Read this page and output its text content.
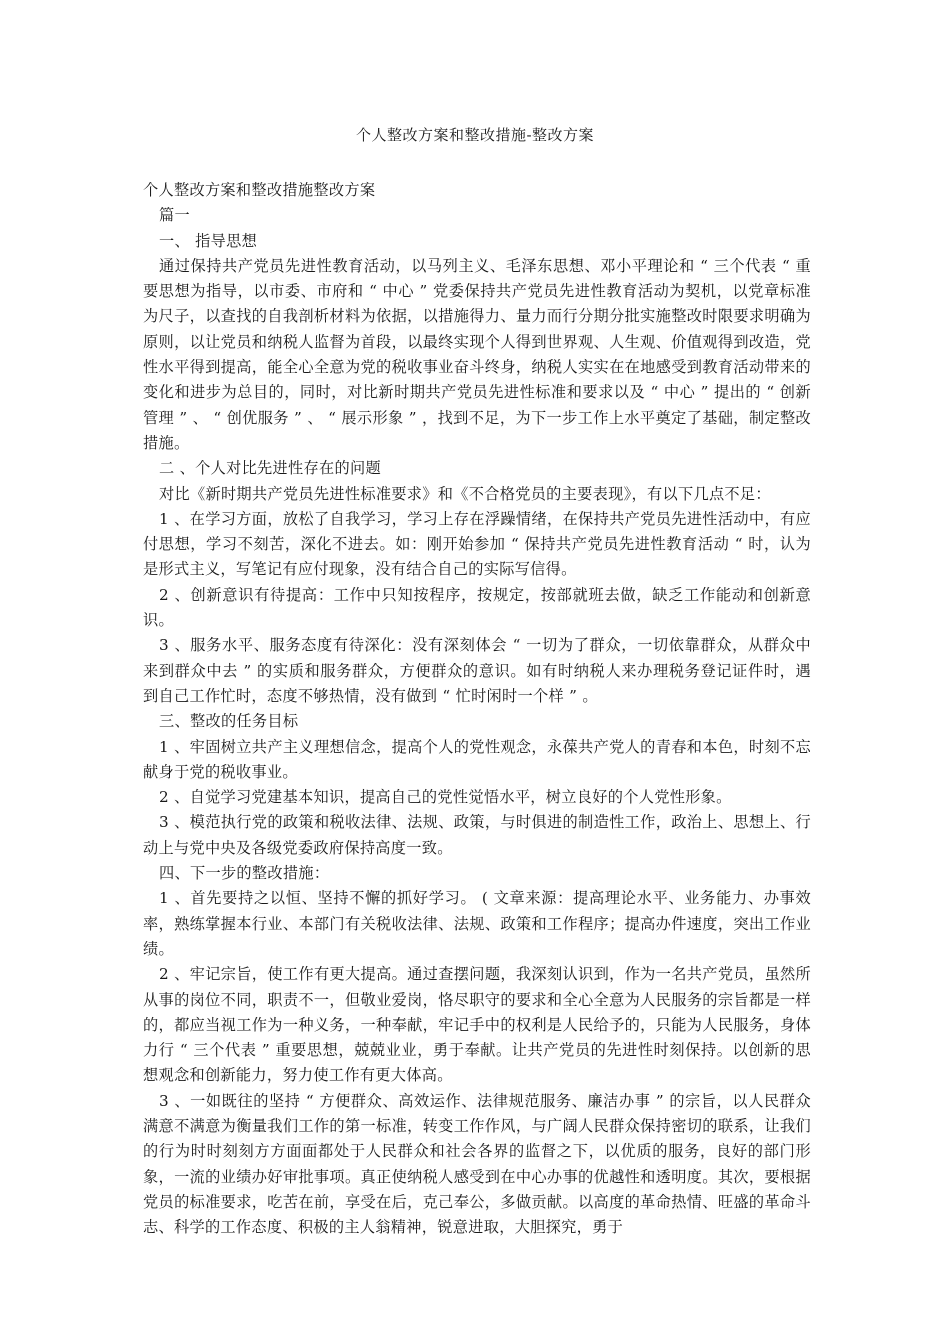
个人整改方案和整改措施-整改方案

个人整改方案和整改措施整改方案

篇一

一、 指导思想

通过保持共产党员先进性教育活动，以马列主义、毛泽东思想、邓小平理论和 “ 三个代表 “ 重要思想为指导，以市委、市府和 “ 中心 ” 党委保持共产党员先进性教育活动为契机，以党章标准为尺子，以查找的自我剖析材料为依据，以措施得力、量力而行分期分批实施整改时限要求明确为原则，以让党员和纳税人监督为首段，以最终实现个人得到世界观、人生观、价值观得到改造，党性水平得到提高，能全心全意为党的税收事业奋斗终身，纳税人实实在在地感受到教育活动带来的变化和进步为总目的，同时，对比新时期共产党员先进性标准和要求以及 “ 中心 ” 提出的 “ 创新管理 ” 、 “ 创优服务 ” 、 “ 展示形象 ” ，找到不足，为下一步工作上水平奠定了基础，制定整改措施。

二 、个人对比先进性存在的问题

对比《新时期共产党员先进性标准要求》和《不合格党员的主要表现》，有以下几点不足：

1 、在学习方面，放松了自我学习，学习上存在浮躁情绪，在保持共产党员先进性活动中，有应付思想，学习不刻苦，深化不进去。如：刚开始参加 “ 保持共产党员先进性教育活动 “ 时，认为是形式主义，写笔记有应付现象，没有结合自己的实际写信得。

2 、创新意识有待提高：工作中只知按程序，按规定，按部就班去做，缺乏工作能动和创新意识。

3 、服务水平、服务态度有待深化：没有深刻体会 “ 一切为了群众，一切依靠群众，从群众中来到群众中去 ” 的实质和服务群众，方便群众的意识。如有时纳税人来办理税务登记证件时，遇到自己工作忙时，态度不够热情，没有做到 “ 忙时闲时一个样 ” 。

三、整改的任务目标

1 、牢固树立共产主义理想信念，提高个人的党性观念，永葆共产党人的青春和本色，时刻不忘献身于党的税收事业。

2 、自觉学习党建基本知识，提高自己的党性觉悟水平，树立良好的个人党性形象。

3 、模范执行党的政策和税收法律、法规、政策，与时俱进的制造性工作，政治上、思想上、行动上与党中央及各级党委政府保持高度一致。

四、下一步的整改措施：

1 、首先要持之以恒、坚持不懈的抓好学习。 ( 文章来源：提高理论水平、业务能力、办事效率，熟练掌握本行业、本部门有关税收法律、法规、政策和工作程序；提高办件速度，突出工作业绩。

2 、牢记宗旨，使工作有更大提高。通过查摆问题，我深刻认识到，作为一名共产党员，虽然所从事的岗位不同，职责不一，但敬业爱岗，恪尽职守的要求和全心全意为人民服务的宗旨都是一样的，都应当视工作为一种义务，一种奉献，牢记手中的权利是人民给予的，只能为人民服务，身体力行 “ 三个代表 ” 重要思想，兢兢业业，勇于奉献。让共产党员的先进性时刻保持。以创新的思想观念和创新能力，努力使工作有更大体高。

3 、一如既往的坚持 “ 方便群众、高效运作、法律规范服务、廉洁办事 ” 的宗旨，以人民群众满意不满意为衡量我们工作的第一标准，转变工作作风，与广阔人民群众保持密切的联系，让我们的行为时时刻刻方方面面都处于人民群众和社会各界的监督之下，以优质的服务，良好的部门形象，一流的业绩办好审批事项。真正使纳税人感受到在中心办事的优越性和透明度。其次，要根据党员的标准要求，吃苦在前，享受在后，克己奉公，多做贡献。以高度的革命热情、旺盛的革命斗志、科学的工作态度、积极的主人翁精神，锐意进取，大胆探究，勇于
